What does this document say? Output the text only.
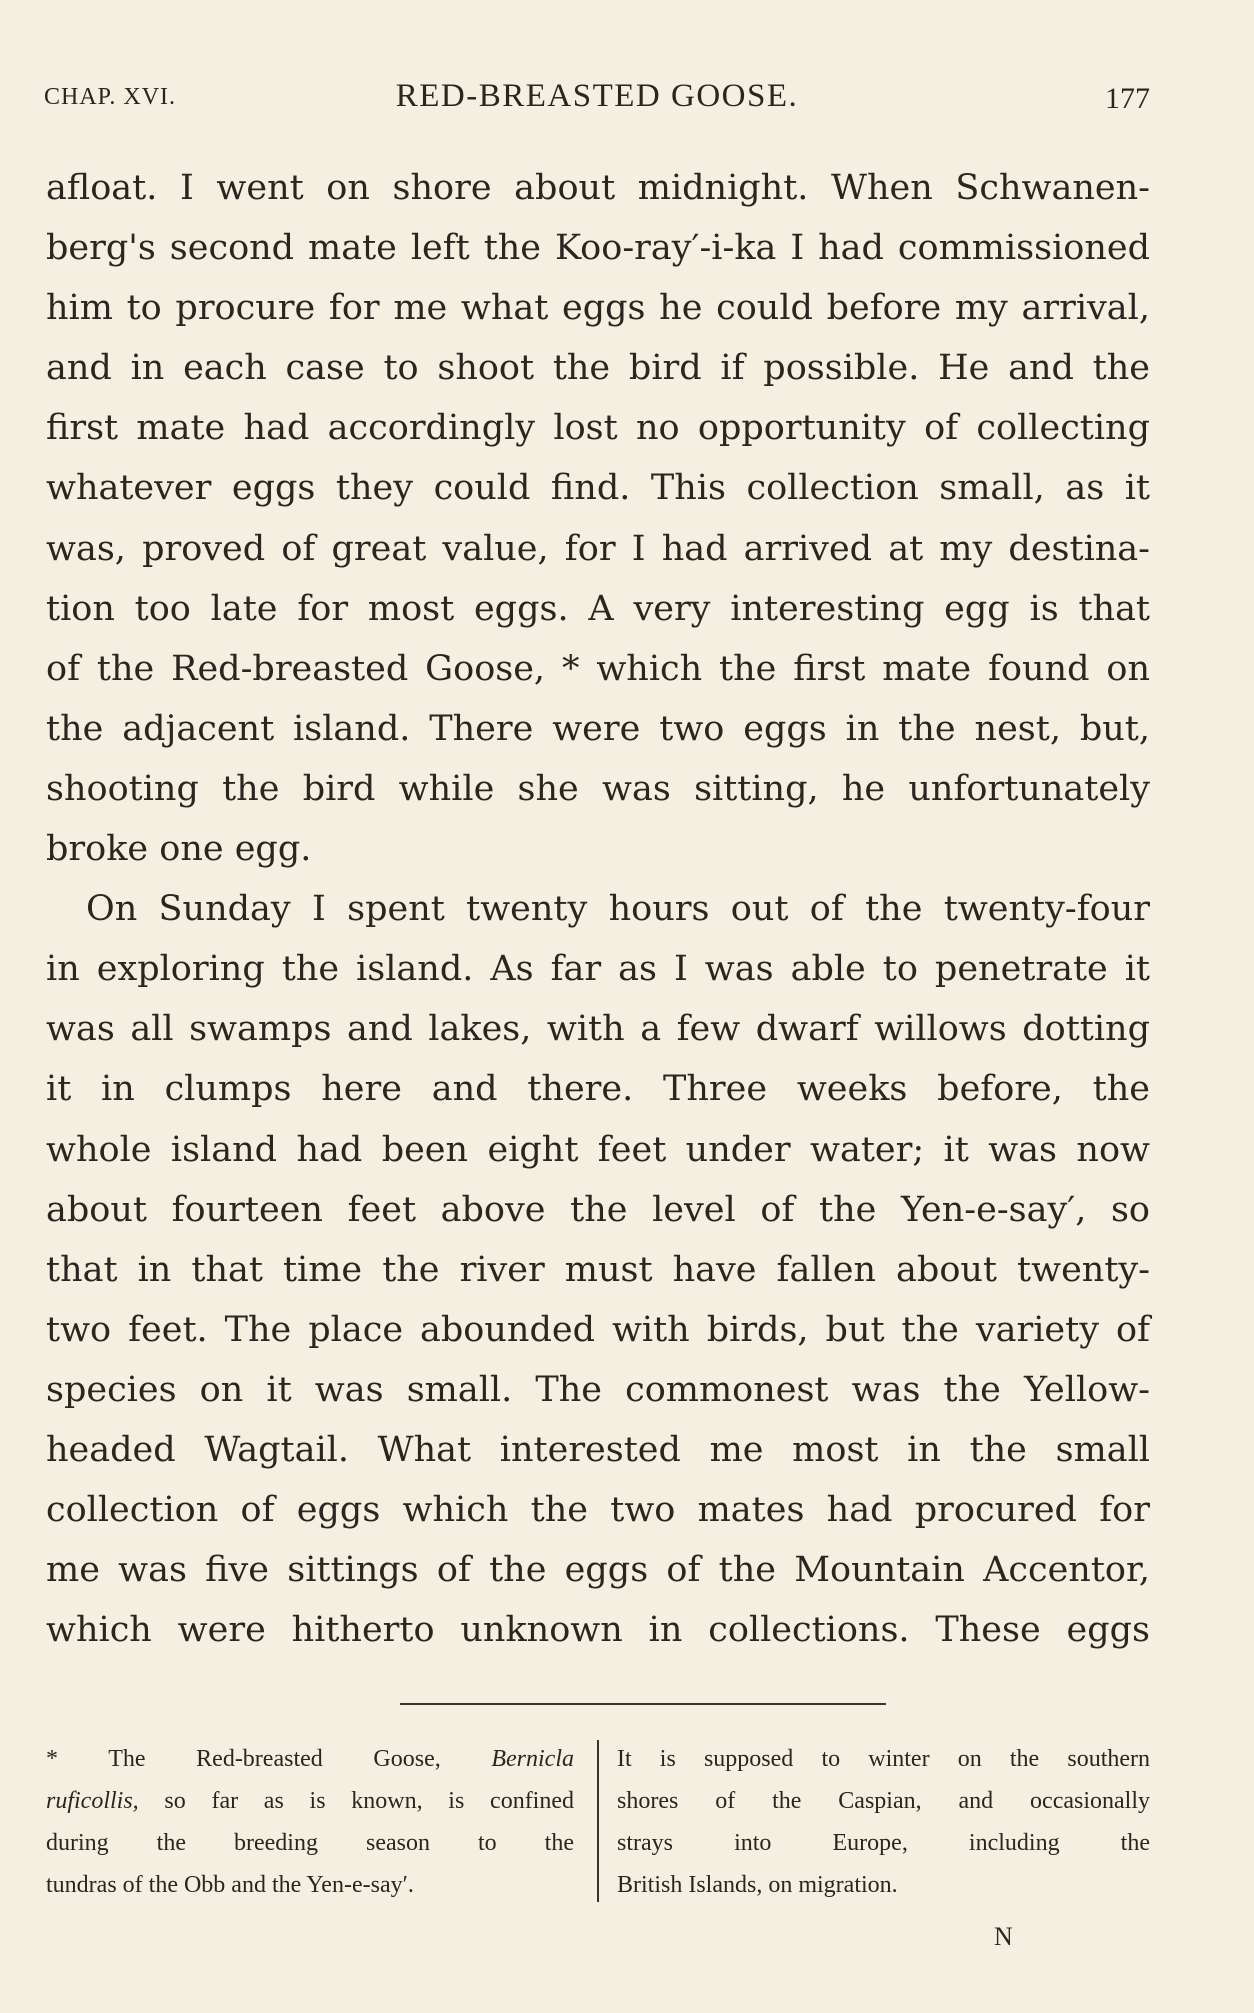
CHAP. XVI.	RED-BREASTED GOOSE.	177
afloat. I went on shore about midnight. When Schwanen-
berg's second mate left the Koo-ray′-i-ka I had commissioned
him to procure for me what eggs he could before my arrival,
and in each case to shoot the bird if possible. He and the
first mate had accordingly lost no opportunity of collecting
whatever eggs they could find. This collection small, as it
was, proved of great value, for I had arrived at my destina-
tion too late for most eggs. A very interesting egg is that
of the Red-breasted Goose, * which the first mate found on
the adjacent island. There were two eggs in the nest, but,
shooting the bird while she was sitting, he unfortunately
broke one egg.
On Sunday I spent twenty hours out of the twenty-four
in exploring the island. As far as I was able to penetrate it
was all swamps and lakes, with a few dwarf willows dotting
it in clumps here and there. Three weeks before, the
whole island had been eight feet under water; it was now
about fourteen feet above the level of the Yen-e-say′, so
that in that time the river must have fallen about twenty-
two feet. The place abounded with birds, but the variety of
species on it was small. The commonest was the Yellow-
headed Wagtail. What interested me most in the small
collection of eggs which the two mates had procured for
me was five sittings of the eggs of the Mountain Accentor,
which were hitherto unknown in collections. These eggs
* The Red-breasted Goose, Bernicla
ruficollis, so far as is known, is confined
during the breeding season to the
tundras of the Obb and the Yen-e-say′.
It is supposed to winter on the southern
shores of the Caspian, and occasionally
strays into Europe, including the
British Islands, on migration.
N
